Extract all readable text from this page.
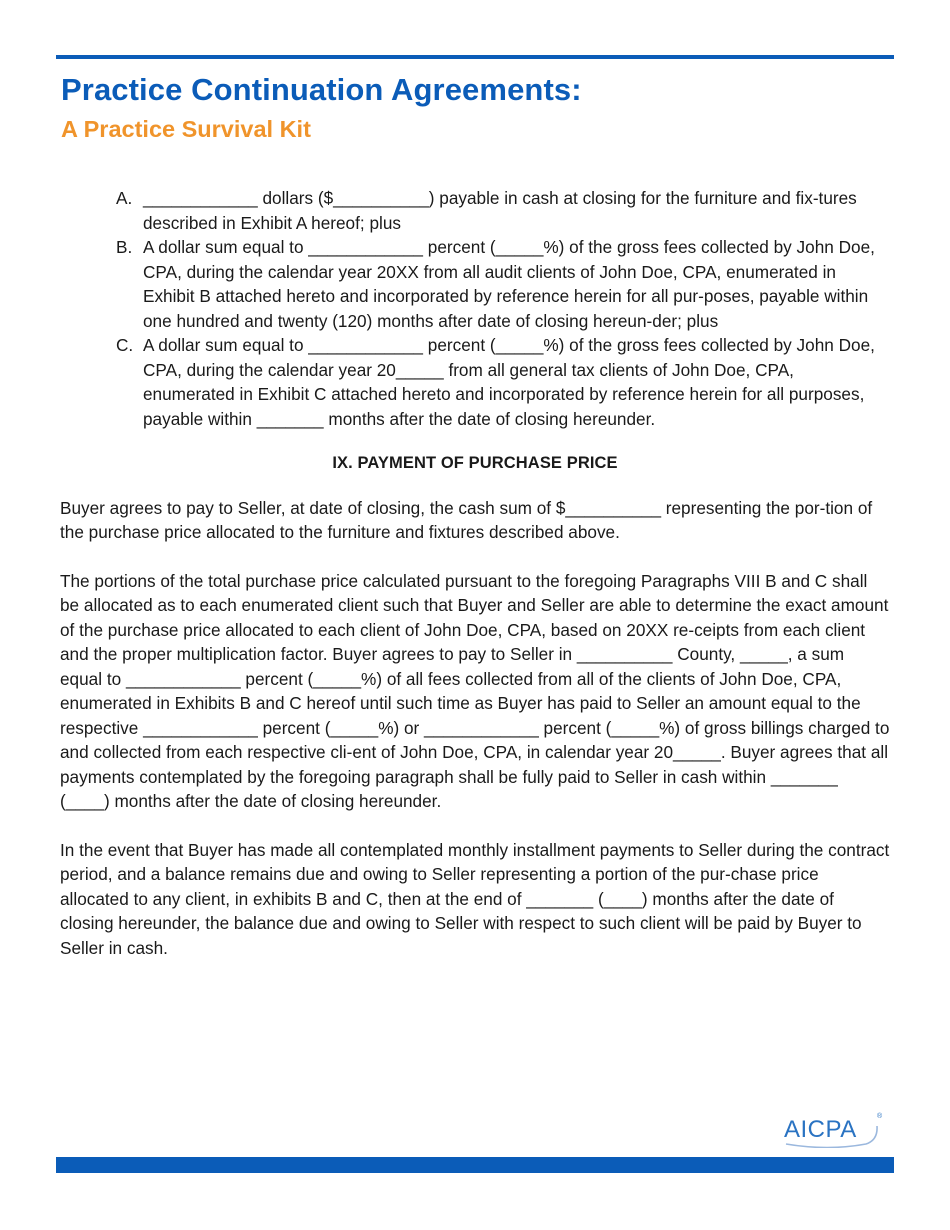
Practice Continuation Agreements:
A Practice Survival Kit
A. ____________ dollars ($__________) payable in cash at closing for the furniture and fix-tures described in Exhibit A hereof; plus
B. A dollar sum equal to ____________ percent (_____%) of the gross fees collected by John Doe, CPA, during the calendar year 20XX from all audit clients of John Doe, CPA, enumerated in Exhibit B attached hereto and incorporated by reference herein for all pur-poses, payable within one hundred and twenty (120) months after date of closing hereun-der; plus
C. A dollar sum equal to ____________ percent (_____%) of the gross fees collected by John Doe, CPA, during the calendar year 20_____ from all general tax clients of John Doe, CPA, enumerated in Exhibit C attached hereto and incorporated by reference herein for all purposes, payable within _______ months after the date of closing hereunder.
IX. PAYMENT OF PURCHASE PRICE

Buyer agrees to pay to Seller, at date of closing, the cash sum of $__________ representing the por-tion of the purchase price allocated to the furniture and fixtures described above.

The portions of the total purchase price calculated pursuant to the foregoing Paragraphs VIII B and C shall be allocated as to each enumerated client such that Buyer and Seller are able to determine the exact amount of the purchase price allocated to each client of John Doe, CPA, based on 20XX re-ceipts from each client and the proper multiplication factor. Buyer agrees to pay to Seller in __________ County, _____, a sum equal to ____________ percent (_____%) of all fees collected from all of the clients of John Doe, CPA, enumerated in Exhibits B and C hereof until such time as Buyer has paid to Seller an amount equal to the respective ____________ percent (_____%) or ____________ percent (_____%) of gross billings charged to and collected from each respective cli-ent of John Doe, CPA, in calendar year 20_____. Buyer agrees that all payments contemplated by the foregoing paragraph shall be fully paid to Seller in cash within _______ (____) months after the date of closing hereunder.

In the event that Buyer has made all contemplated monthly installment payments to Seller during the contract period, and a balance remains due and owing to Seller representing a portion of the pur-chase price allocated to any client, in exhibits B and C, then at the end of _______ (____) months after the date of closing hereunder, the balance due and owing to Seller with respect to such client will be paid by Buyer to Seller in cash.

AICPA	®
